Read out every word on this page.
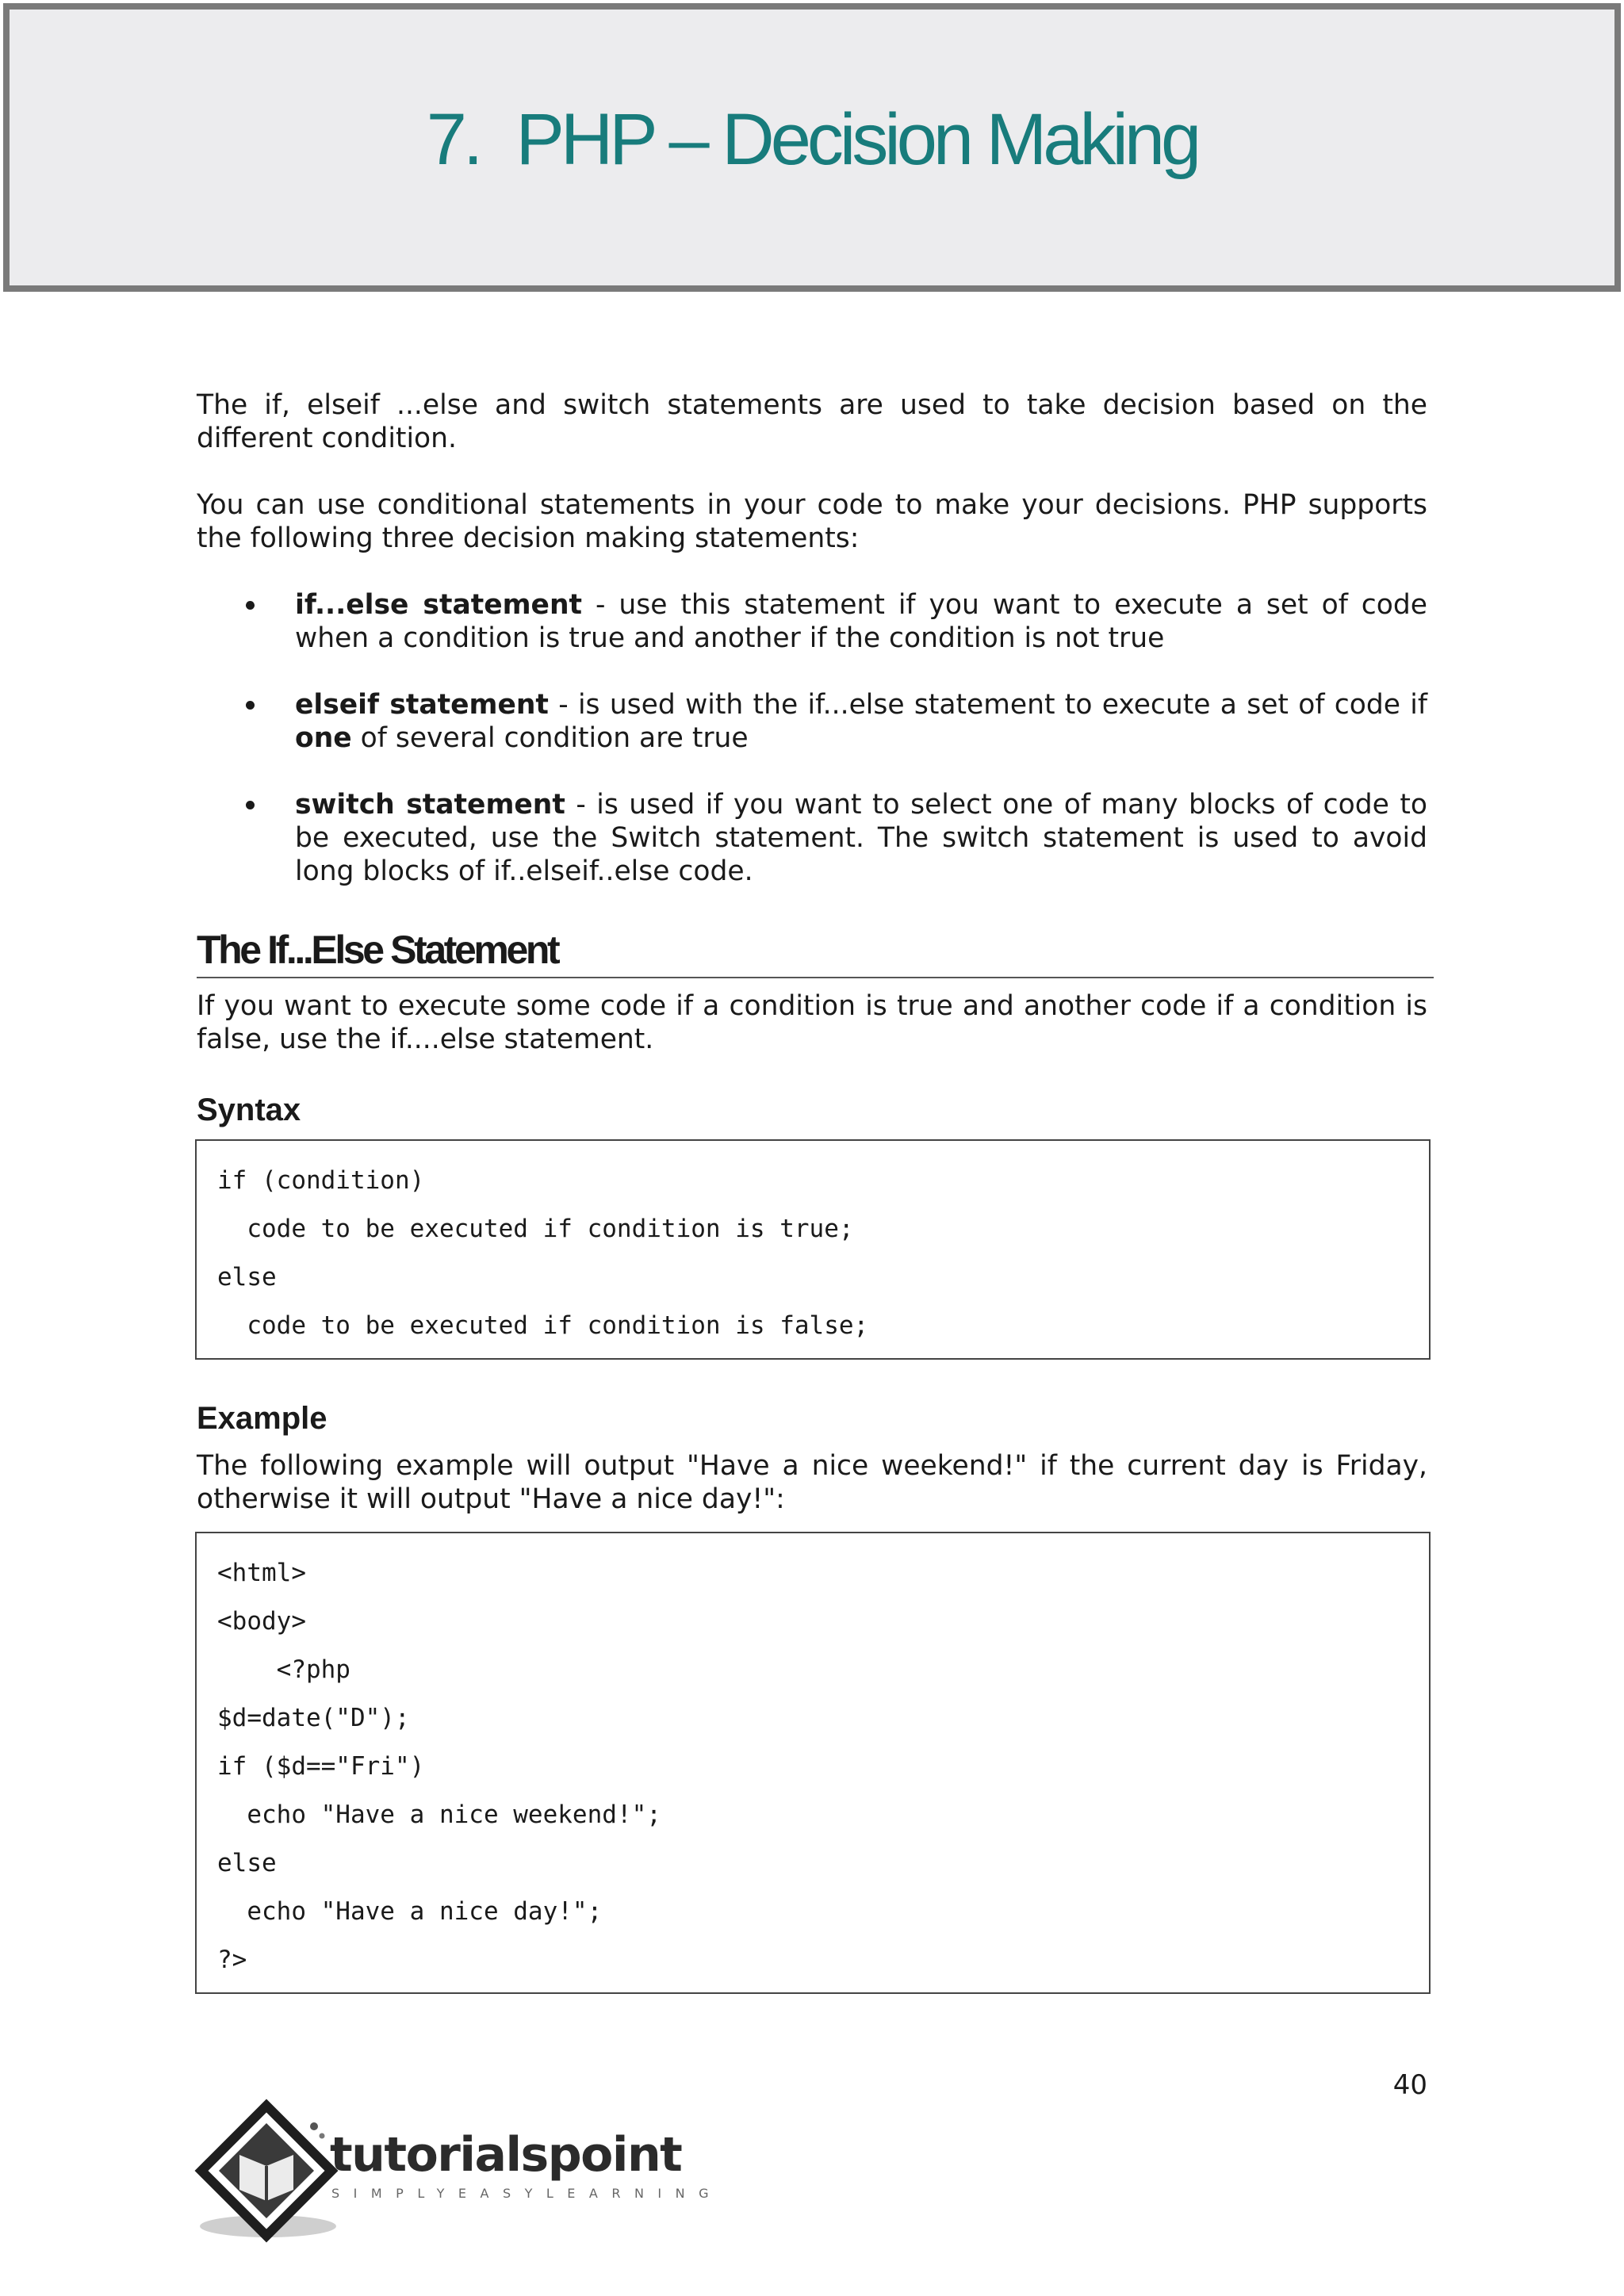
7. PHP – Decision Making

The if, elseif ...else and switch statements are used to take decision based on the different condition.

You can use conditional statements in your code to make your decisions. PHP supports the following three decision making statements:

if...else statement - use this statement if you want to execute a set of code when a condition is true and another if the condition is not true
elseif statement - is used with the if...else statement to execute a set of code if one of several condition are true
switch statement - is used if you want to select one of many blocks of code to be executed, use the Switch statement. The switch statement is used to avoid long blocks of if..elseif..else code.
The If...Else Statement

If you want to execute some code if a condition is true and another code if a condition is false, use the if....else statement.

Syntax
if (condition)
code to be executed if condition is true;
else
code to be executed if condition is false;
Example

The following example will output "Have a nice weekend!" if the current day is Friday, otherwise it will output "Have a nice day!":

<html>
<body>
<?php
$d=date("D");
if ($d=="Fri")
echo "Have a nice weekend!";
else
echo "Have a nice day!";
?>
40
tutorialspoint
SIMPLYEASYLEARNING
